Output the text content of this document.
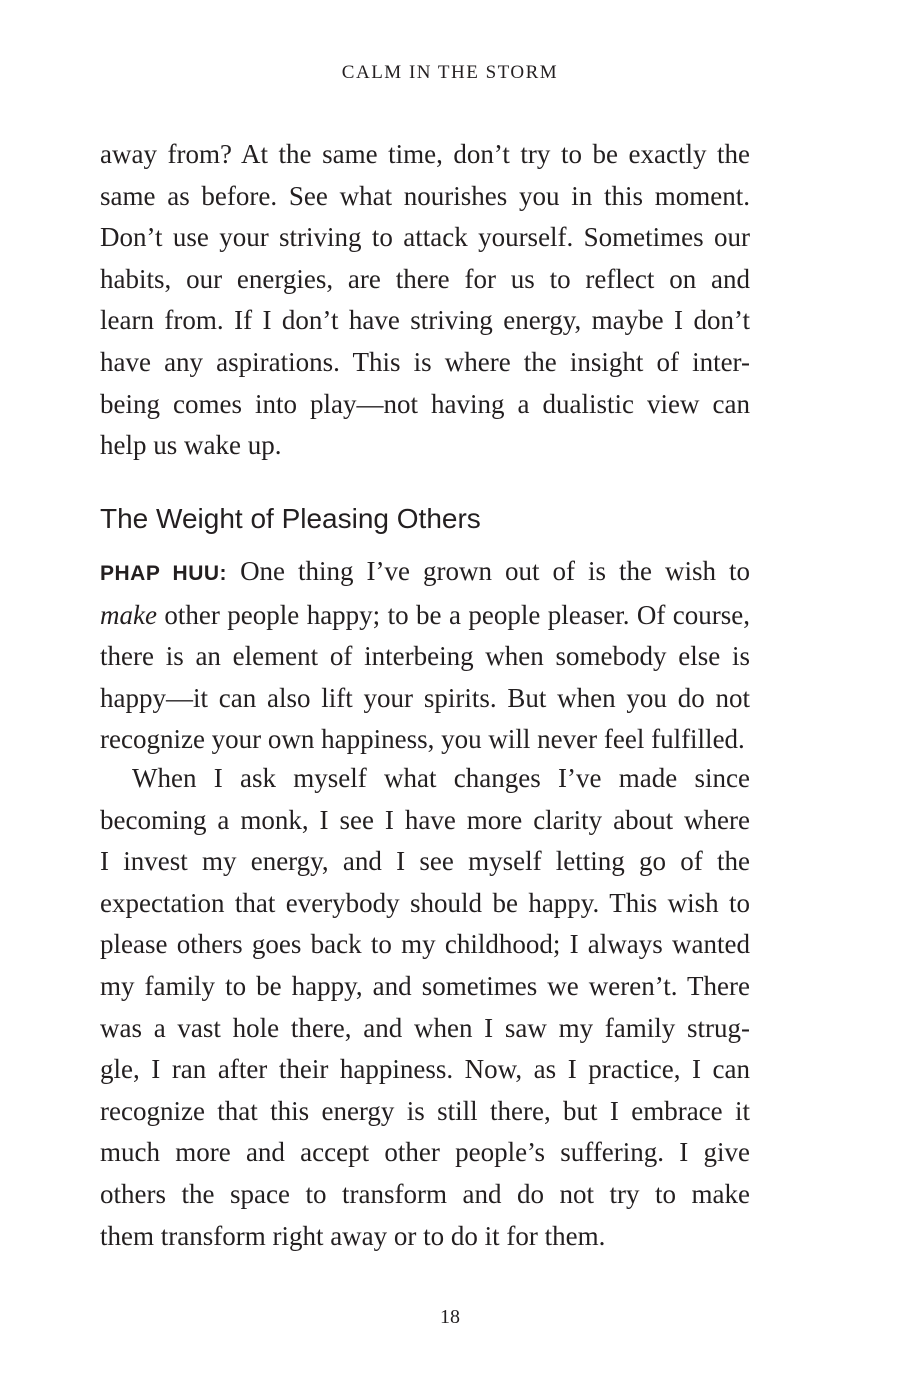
CALM IN THE STORM
away from? At the same time, don’t try to be exactly the
same as before. See what nourishes you in this moment.
Don’t use your striving to attack yourself. Sometimes our
habits, our energies, are there for us to reflect on and
learn from. If I don’t have striving energy, maybe I don’t
have any aspirations. This is where the insight of inter-
being comes into play—not having a dualistic view can
help us wake up.
The Weight of Pleasing Others
PHAP HUU: One thing I’ve grown out of is the wish to
make other people happy; to be a people pleaser. Of course,
there is an element of interbeing when somebody else is
happy—it can also lift your spirits. But when you do not
recognize your own happiness, you will never feel fulfilled.
When I ask myself what changes I’ve made since
becoming a monk, I see I have more clarity about where
I invest my energy, and I see myself letting go of the
expectation that everybody should be happy. This wish to
please others goes back to my childhood; I always wanted
my family to be happy, and sometimes we weren’t. There
was a vast hole there, and when I saw my family strug-
gle, I ran after their happiness. Now, as I practice, I can
recognize that this energy is still there, but I embrace it
much more and accept other people’s suffering. I give
others the space to transform and do not try to make
them transform right away or to do it for them.
18
